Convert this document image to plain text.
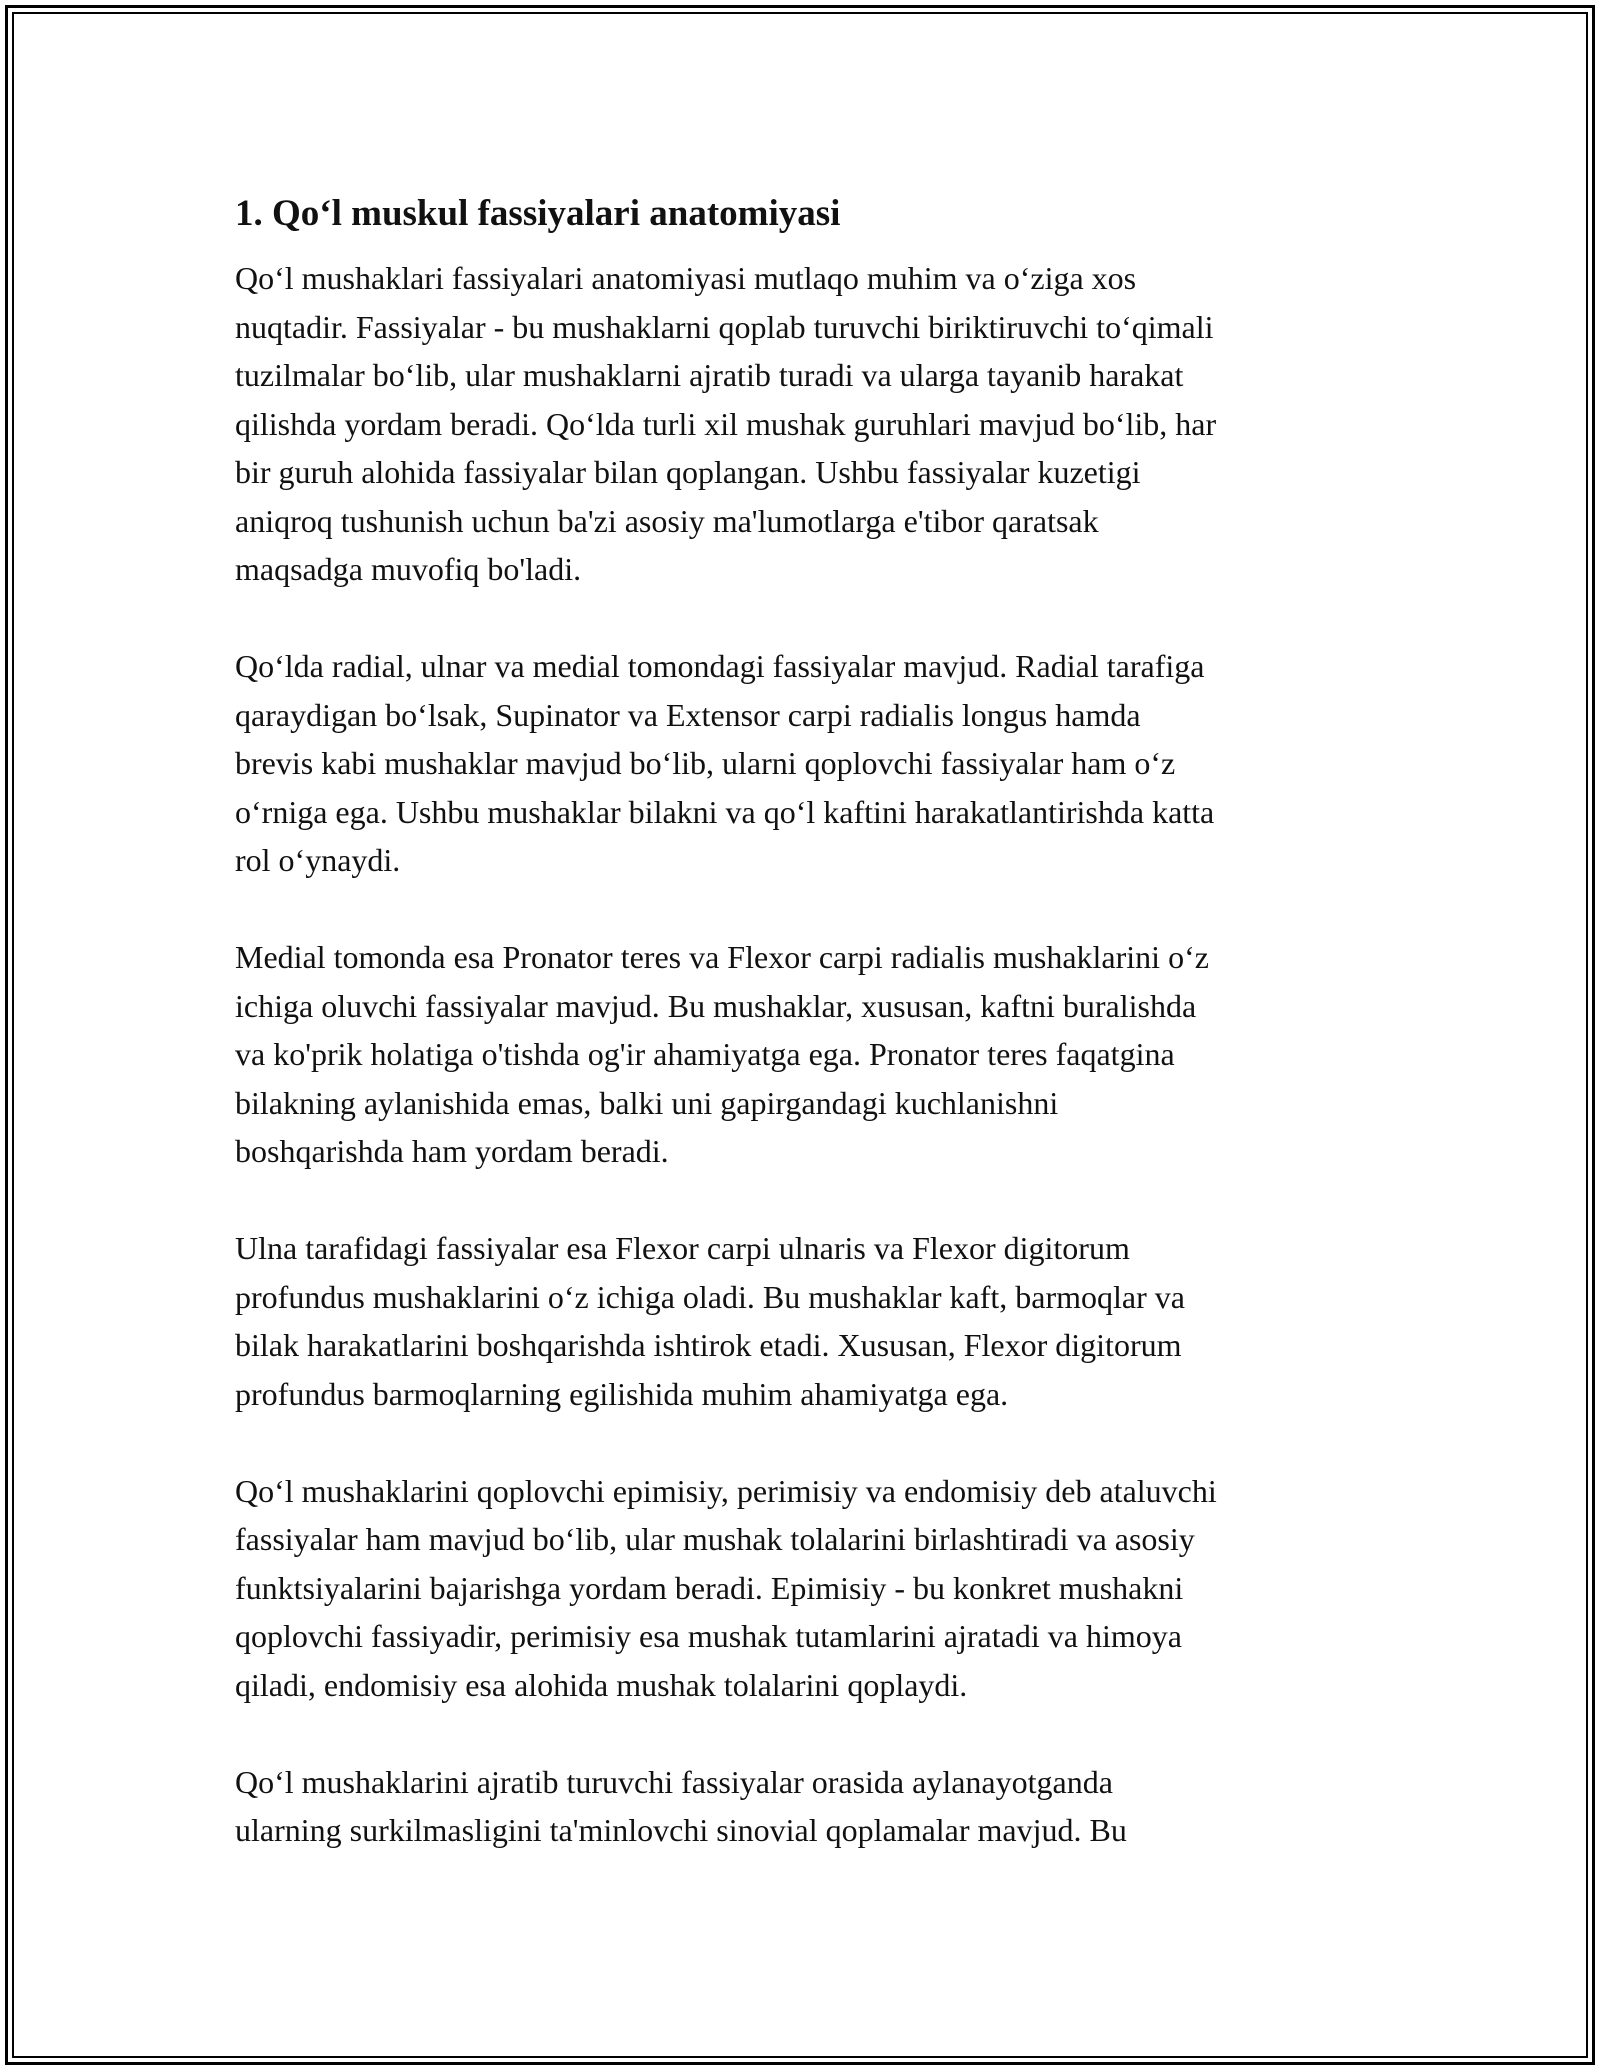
1. Qo‘l muskul fassiyalari anatomiyasi
Qo‘l mushaklari fassiyalari anatomiyasi mutlaqo muhim va o‘ziga xos
nuqtadir. Fassiyalar - bu mushaklarni qoplab turuvchi biriktiruvchi to‘qimali
tuzilmalar bo‘lib, ular mushaklarni ajratib turadi va ularga tayanib harakat
qilishda yordam beradi. Qo‘lda turli xil mushak guruhlari mavjud bo‘lib, har
bir guruh alohida fassiyalar bilan qoplangan. Ushbu fassiyalar kuzetigi
aniqroq tushunish uchun ba'zi asosiy ma'lumotlarga e'tibor qaratsak
maqsadga muvofiq bo'ladi.
Qo‘lda radial, ulnar va medial tomondagi fassiyalar mavjud. Radial tarafiga
qaraydigan bo‘lsak, Supinator va Extensor carpi radialis longus hamda
brevis kabi mushaklar mavjud bo‘lib, ularni qoplovchi fassiyalar ham o‘z
o‘rniga ega. Ushbu mushaklar bilakni va qo‘l kaftini harakatlantirishda katta
rol o‘ynaydi.
Medial tomonda esa Pronator teres va Flexor carpi radialis mushaklarini o‘z
ichiga oluvchi fassiyalar mavjud. Bu mushaklar, xususan, kaftni buralishda
va ko'prik holatiga o'tishda og'ir ahamiyatga ega. Pronator teres faqatgina
bilakning aylanishida emas, balki uni gapirgandagi kuchlanishni
boshqarishda ham yordam beradi.
Ulna tarafidagi fassiyalar esa Flexor carpi ulnaris va Flexor digitorum
profundus mushaklarini o‘z ichiga oladi. Bu mushaklar kaft, barmoqlar va
bilak harakatlarini boshqarishda ishtirok etadi. Xususan, Flexor digitorum
profundus barmoqlarning egilishida muhim ahamiyatga ega.
Qo‘l mushaklarini qoplovchi epimisiy, perimisiy va endomisiy deb ataluvchi
fassiyalar ham mavjud bo‘lib, ular mushak tolalarini birlashtiradi va asosiy
funktsiyalarini bajarishga yordam beradi. Epimisiy - bu konkret mushakni
qoplovchi fassiyadir, perimisiy esa mushak tutamlarini ajratadi va himoya
qiladi, endomisiy esa alohida mushak tolalarini qoplaydi.
Qo‘l mushaklarini ajratib turuvchi fassiyalar orasida aylanayotganda
ularning surkilmasligini ta'minlovchi sinovial qoplamalar mavjud. Bu
